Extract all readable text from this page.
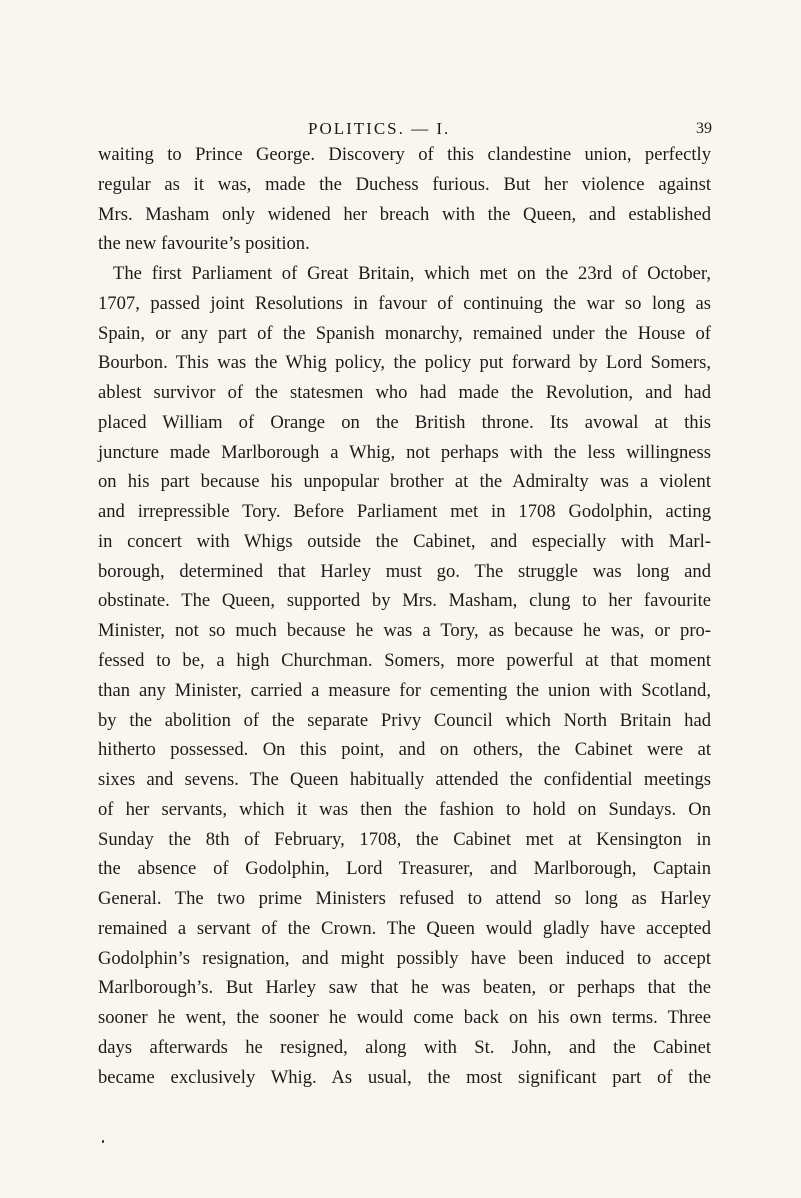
POLITICS. — I.	39
waiting to Prince George. Discovery of this clandestine union, perfectly
regular as it was, made the Duchess furious. But her violence against
Mrs. Masham only widened her breach with the Queen, and established
the new favourite’s position.
The first Parliament of Great Britain, which met on the 23rd of October,
1707, passed joint Resolutions in favour of continuing the war so long as
Spain, or any part of the Spanish monarchy, remained under the House of
Bourbon. This was the Whig policy, the policy put forward by Lord Somers,
ablest survivor of the statesmen who had made the Revolution, and had
placed William of Orange on the British throne. Its avowal at this
juncture made Marlborough a Whig, not perhaps with the less willingness
on his part because his unpopular brother at the Admiralty was a violent
and irrepressible Tory. Before Parliament met in 1708 Godolphin, acting
in concert with Whigs outside the Cabinet, and especially with Marl-
borough, determined that Harley must go. The struggle was long and
obstinate. The Queen, supported by Mrs. Masham, clung to her favourite
Minister, not so much because he was a Tory, as because he was, or pro-
fessed to be, a high Churchman. Somers, more powerful at that moment
than any Minister, carried a measure for cementing the union with Scotland,
by the abolition of the separate Privy Council which North Britain had
hitherto possessed. On this point, and on others, the Cabinet were at
sixes and sevens. The Queen habitually attended the confidential meetings
of her servants, which it was then the fashion to hold on Sundays. On
Sunday the 8th of February, 1708, the Cabinet met at Kensington in
the absence of Godolphin, Lord Treasurer, and Marlborough, Captain
General. The two prime Ministers refused to attend so long as Harley
remained a servant of the Crown. The Queen would gladly have accepted
Godolphin’s resignation, and might possibly have been induced to accept
Marlborough’s. But Harley saw that he was beaten, or perhaps that the
sooner he went, the sooner he would come back on his own terms. Three
days afterwards he resigned, along with St. John, and the Cabinet
became exclusively Whig. As usual, the most significant part of the
